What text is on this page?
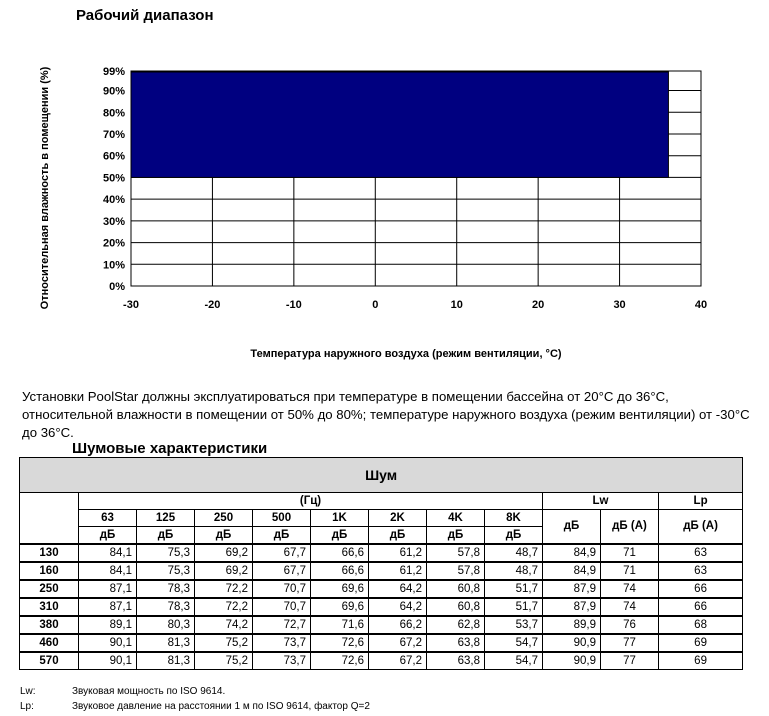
Рабочий диапазон
0%
10%
20%
30%
40%
50%
60%
70%
80%
90%
99%
-30	-20	-10	0	10	20	30	40
Относительная влажность в помещении (%)
Температура наружного воздуха (режим вентиляции, °C)
Установки PoolStar должны эксплуатироваться при температуре в помещении бассейна от 20°C до 36°C, относительной влажности в помещении от 50% до 80%; температуре наружного воздуха (режим вентиляции) от -30°C до 36°C.
Шумовые характеристики
Шум											
	(Гц)								Lw		Lp
	63	125	250	500	1K	2K	4K	8K	дБ	дБ (А)	дБ (А)
	дБ	дБ	дБ	дБ	дБ	дБ	дБ	дБ			
130	84,1	75,3	69,2	67,7	66,6	61,2	57,8	48,7	84,9	71	63
160	84,1	75,3	69,2	67,7	66,6	61,2	57,8	48,7	84,9	71	63
250	87,1	78,3	72,2	70,7	69,6	64,2	60,8	51,7	87,9	74	66
310	87,1	78,3	72,2	70,7	69,6	64,2	60,8	51,7	87,9	74	66
380	89,1	80,3	74,2	72,7	71,6	66,2	62,8	53,7	89,9	76	68
460	90,1	81,3	75,2	73,7	72,6	67,2	63,8	54,7	90,9	77	69
570	90,1	81,3	75,2	73,7	72,6	67,2	63,8	54,7	90,9	77	69
Lw:	Звуковая мощность по ISO 9614.
Lp:	Звуковое давление на расстоянии 1 м по ISO 9614, фактор Q=2
